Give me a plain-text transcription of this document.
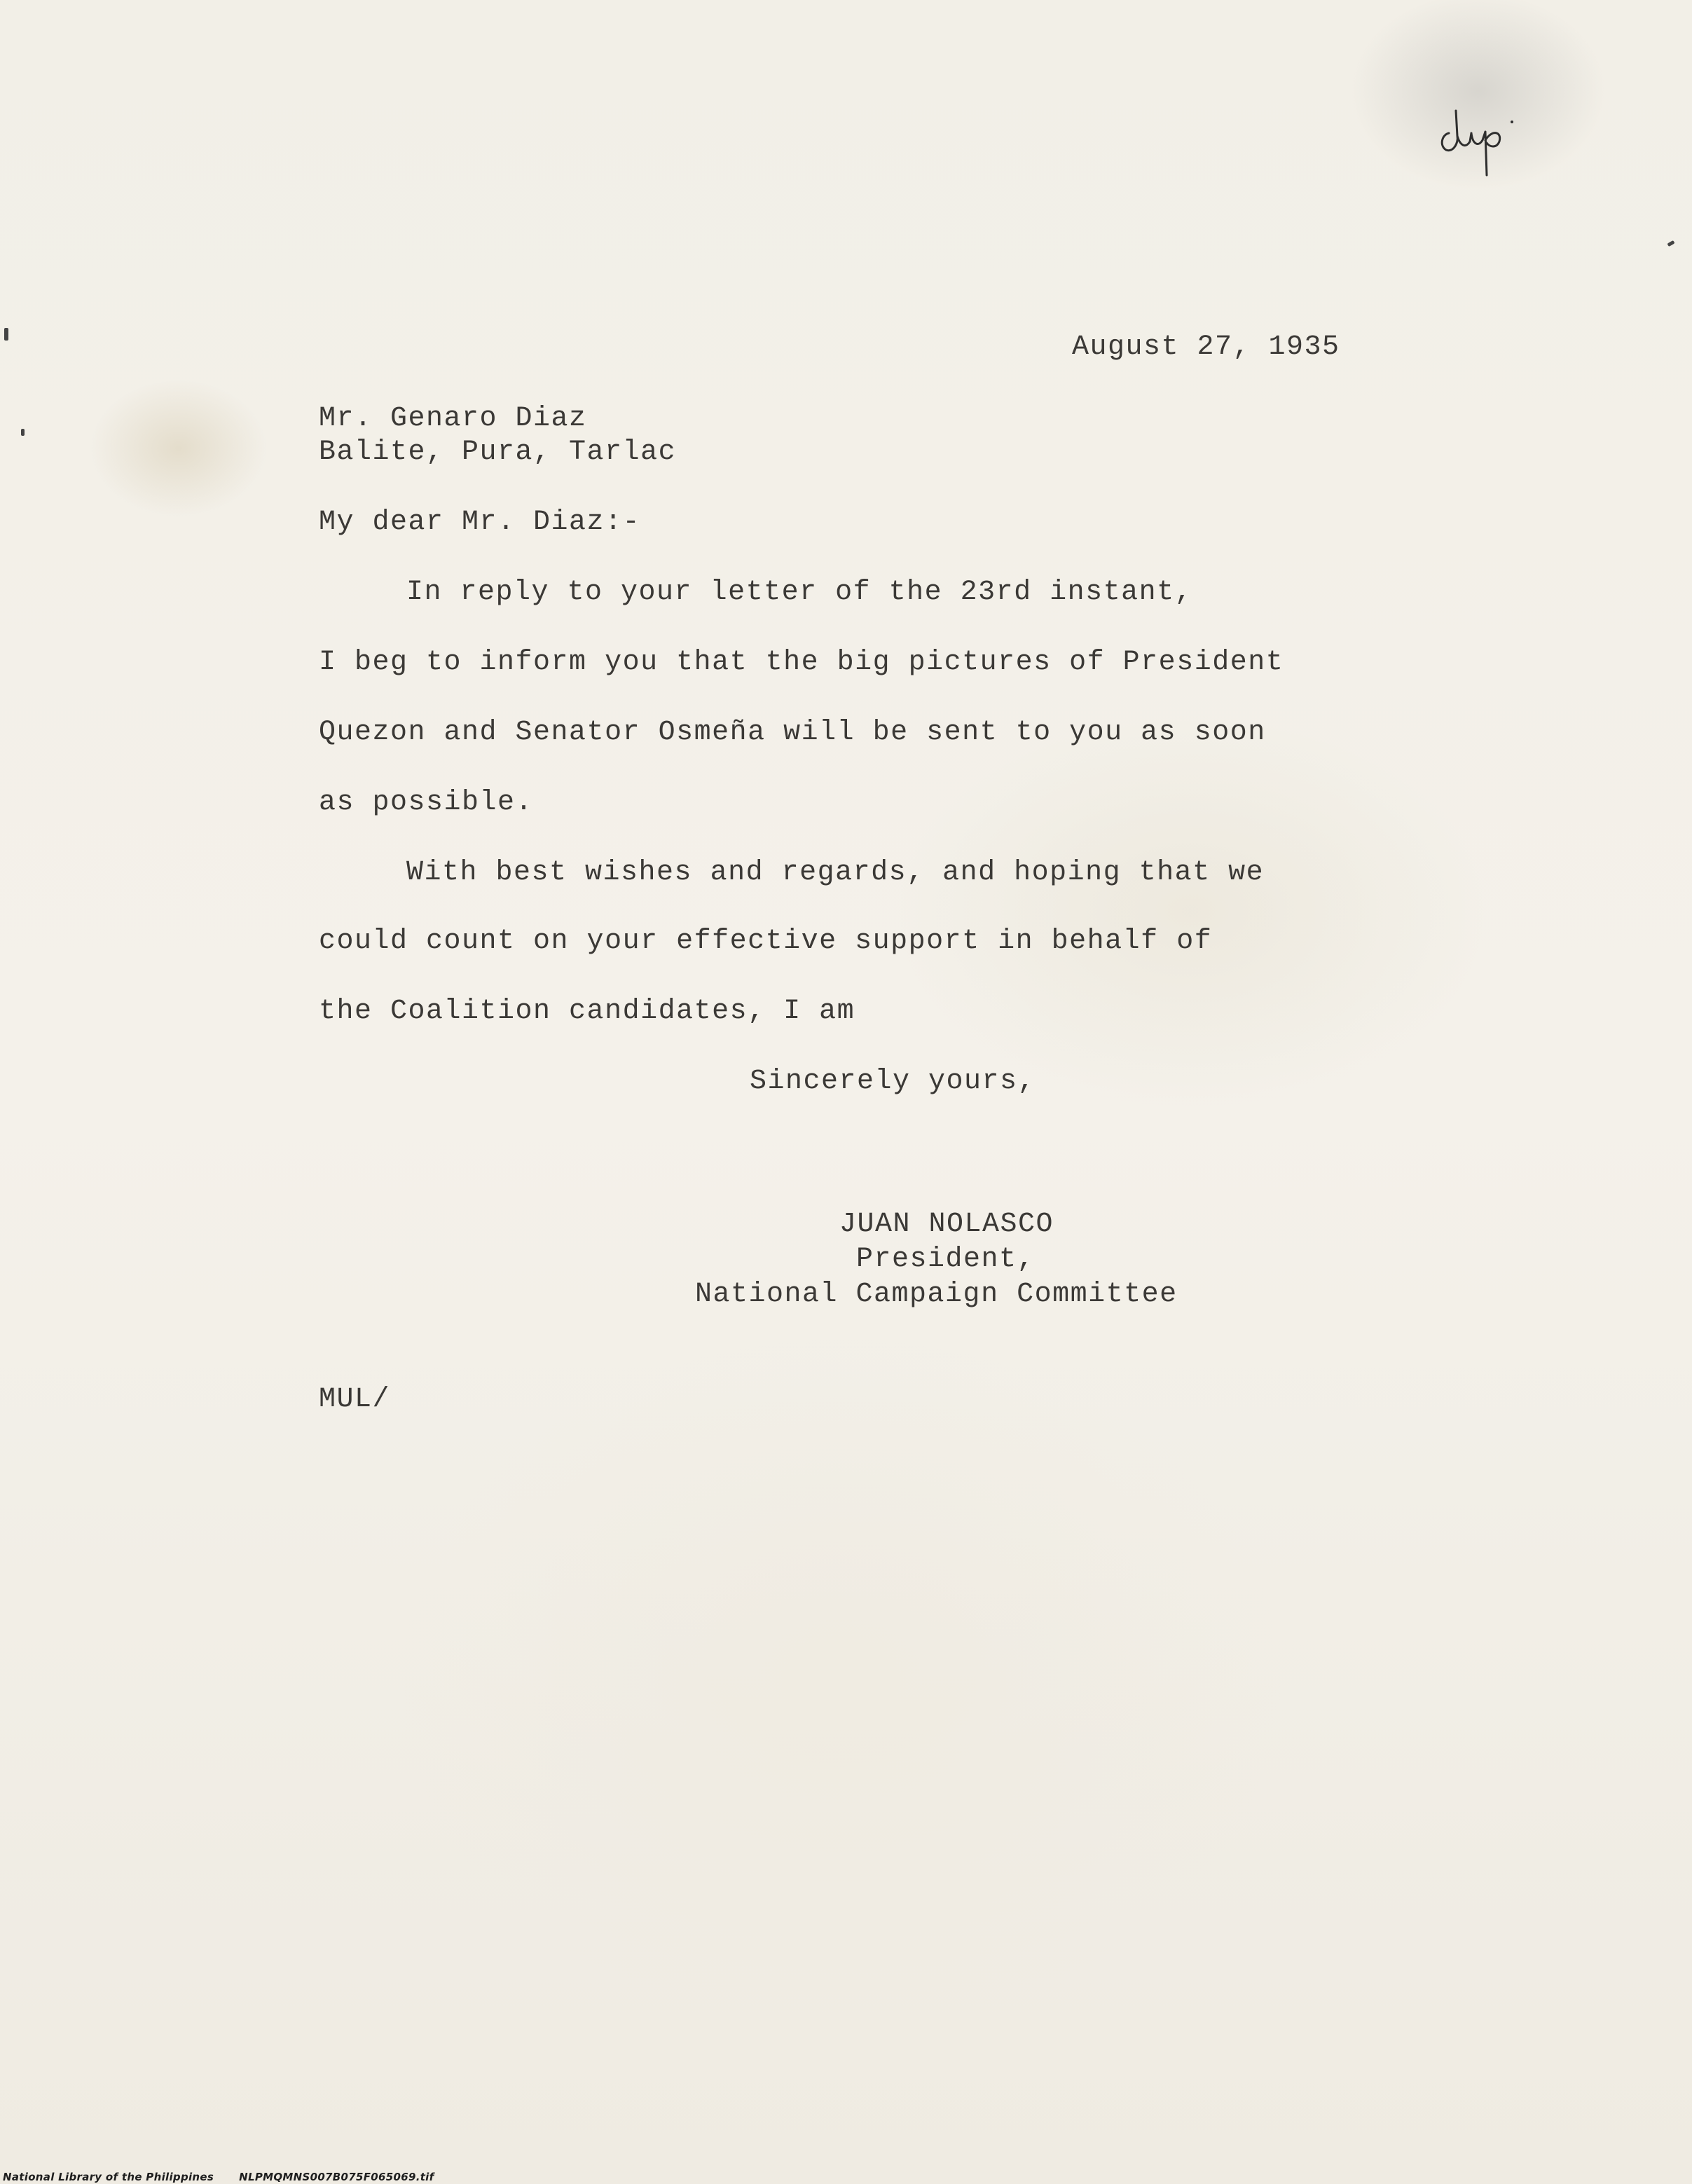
August 27, 1935
Mr. Genaro Diaz
Balite, Pura, Tarlac
My dear Mr. Diaz:-
In reply to your letter of the 23rd instant,
I beg to inform you that the big pictures of President
Quezon and Senator Osmeña will be sent to you as soon
as possible.
With best wishes and regards, and hoping that we
could count on your effective support in behalf of
the Coalition candidates, I am
Sincerely yours,
JUAN NOLASCO
President,
National Campaign Committee
MUL/
National Library of the Philippines NLPMQMNS007B075F065069.tif
